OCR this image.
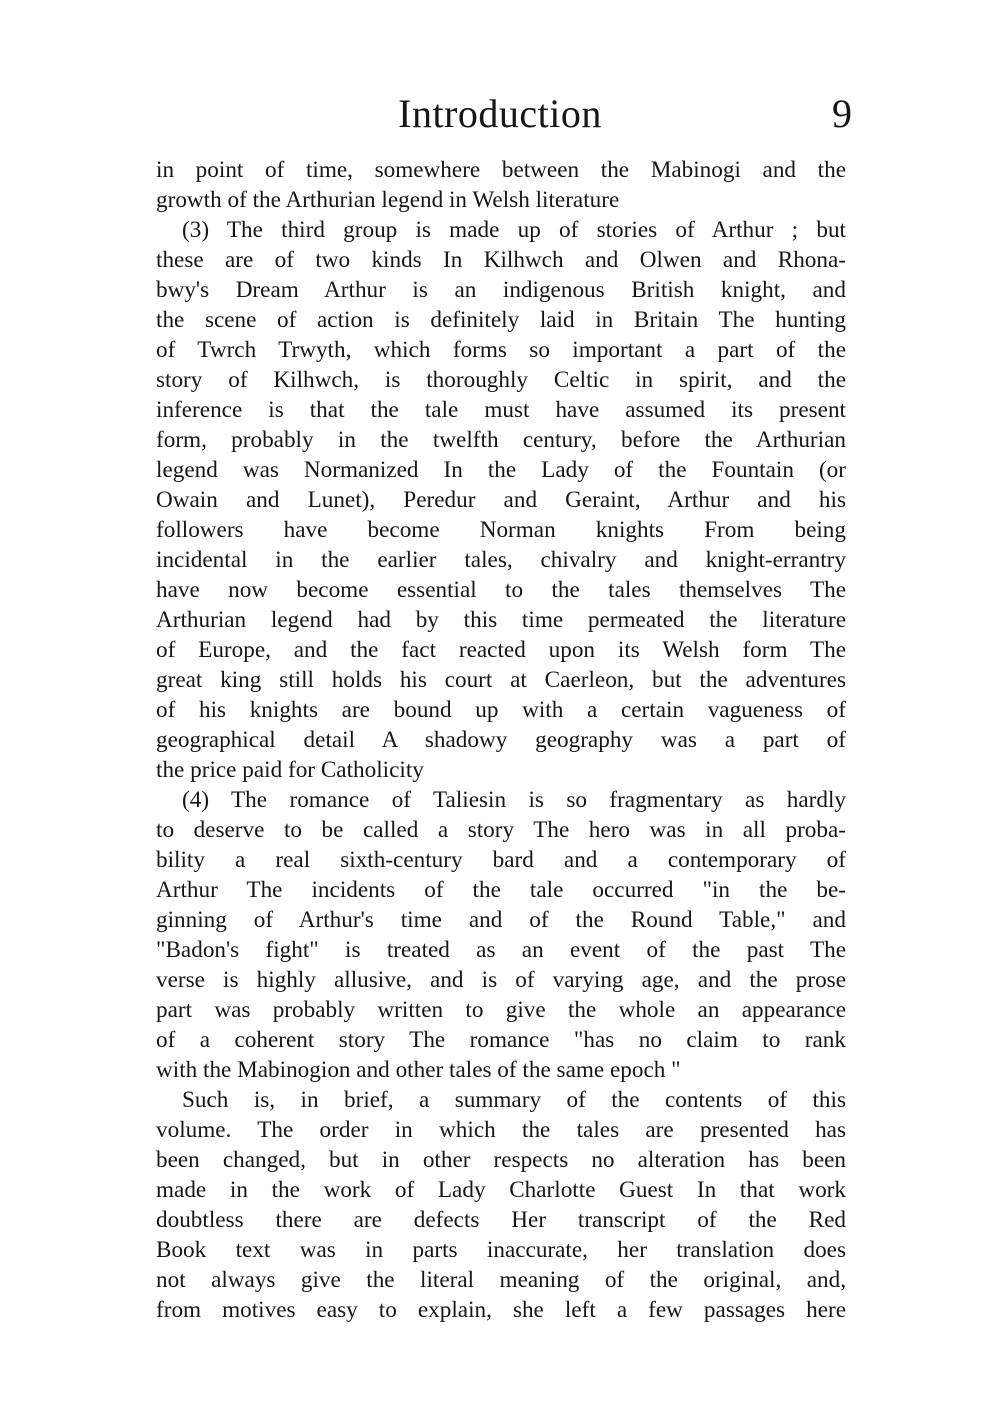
Introduction	9
in point of time, somewhere between the Mabinogi and the
growth of the Arthurian legend in Welsh literature
(3) The third group is made up of stories of Arthur ; but
these are of two kinds In Kilhwch and Olwen and Rhona-
bwy's Dream Arthur is an indigenous British knight, and
the scene of action is definitely laid in Britain The hunting
of Twrch Trwyth, which forms so important a part of the
story of Kilhwch, is thoroughly Celtic in spirit, and the
inference is that the tale must have assumed its present
form, probably in the twelfth century, before the Arthurian
legend was Normanized In the Lady of the Fountain (or
Owain and Lunet), Peredur and Geraint, Arthur and his
followers have become Norman knights From being
incidental in the earlier tales, chivalry and knight-errantry
have now become essential to the tales themselves The
Arthurian legend had by this time permeated the literature
of Europe, and the fact reacted upon its Welsh form The
great king still holds his court at Caerleon, but the adventures
of his knights are bound up with a certain vagueness of
geographical detail A shadowy geography was a part of
the price paid for Catholicity
(4) The romance of Taliesin is so fragmentary as hardly
to deserve to be called a story The hero was in all proba-
bility a real sixth-century bard and a contemporary of
Arthur The incidents of the tale occurred "in the be-
ginning of Arthur's time and of the Round Table," and
"Badon's fight" is treated as an event of the past The
verse is highly allusive, and is of varying age, and the prose
part was probably written to give the whole an appearance
of a coherent story The romance "has no claim to rank
with the Mabinogion and other tales of the same epoch "
Such is, in brief, a summary of the contents of this
volume. The order in which the tales are presented has
been changed, but in other respects no alteration has been
made in the work of Lady Charlotte Guest In that work
doubtless there are defects Her transcript of the Red
Book text was in parts inaccurate, her translation does
not always give the literal meaning of the original, and,
from motives easy to explain, she left a few passages here
